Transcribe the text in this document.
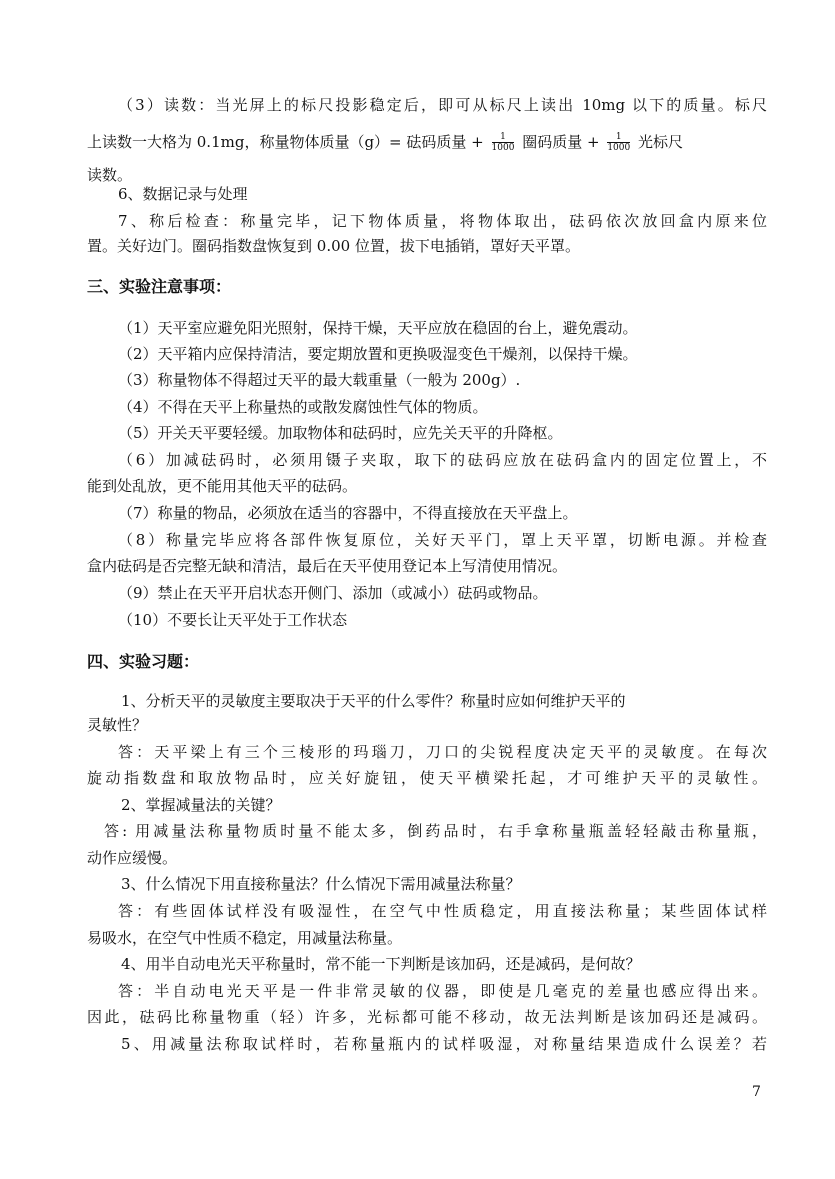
（3）读数：当光屏上的标尺投影稳定后，即可从标尺上读出 10mg 以下的质量。标尺
上读数一大格为 0.1mg，称量物体质量（g）= 砝码质量 + $\frac{1}{1000}$ 圈码质量 + $\frac{1}{1000}$ 光标尺
读数。
6、数据记录与处理
7、称后检查：称量完毕，记下物体质量，将物体取出，砝码依次放回盒内原来位
置。关好边门。圈码指数盘恢复到 0.00 位置，拔下电插销，罩好天平罩。
三、实验注意事项：
（1）天平室应避免阳光照射，保持干燥，天平应放在稳固的台上，避免震动。
（2）天平箱内应保持清洁，要定期放置和更换吸湿变色干燥剂，以保持干燥。
（3）称量物体不得超过天平的最大载重量（一般为 200g）.
（4）不得在天平上称量热的或散发腐蚀性气体的物质。
（5）开关天平要轻缓。加取物体和砝码时，应先关天平的升降枢。
（6）加减砝码时，必须用镊子夹取，取下的砝码应放在砝码盒内的固定位置上，不
能到处乱放，更不能用其他天平的砝码。
（7）称量的物品，必须放在适当的容器中，不得直接放在天平盘上。
（8）称量完毕应将各部件恢复原位，关好天平门，罩上天平罩，切断电源。并检查
盒内砝码是否完整无缺和清洁，最后在天平使用登记本上写清使用情况。
（9）禁止在天平开启状态开侧门、添加（或减小）砝码或物品。
（10）不要长让天平处于工作状态
四、实验习题：
1、分析天平的灵敏度主要取决于天平的什么零件？称量时应如何维护天平的
灵敏性？
答：天平梁上有三个三棱形的玛瑙刀，刀口的尖锐程度决定天平的灵敏度。在每次
旋动指数盘和取放物品时，应关好旋钮，使天平横梁托起，才可维护天平的灵敏性。
2、掌握减量法的关键？
答: 用减量法称量物质时量不能太多，倒药品时，右手拿称量瓶盖轻轻敲击称量瓶，
动作应缓慢。
3、什么情况下用直接称量法？什么情况下需用减量法称量？
答：有些固体试样没有吸湿性，在空气中性质稳定，用直接法称量；某些固体试样
易吸水，在空气中性质不稳定，用减量法称量。
4、用半自动电光天平称量时，常不能一下判断是该加码，还是减码，是何故？
答：半自动电光天平是一件非常灵敏的仪器，即使是几毫克的差量也感应得出来。
因此，砝码比称量物重（轻）许多，光标都可能不移动，故无法判断是该加码还是减码。
5、用减量法称取试样时，若称量瓶内的试样吸湿，对称量结果造成什么误差？若
7
